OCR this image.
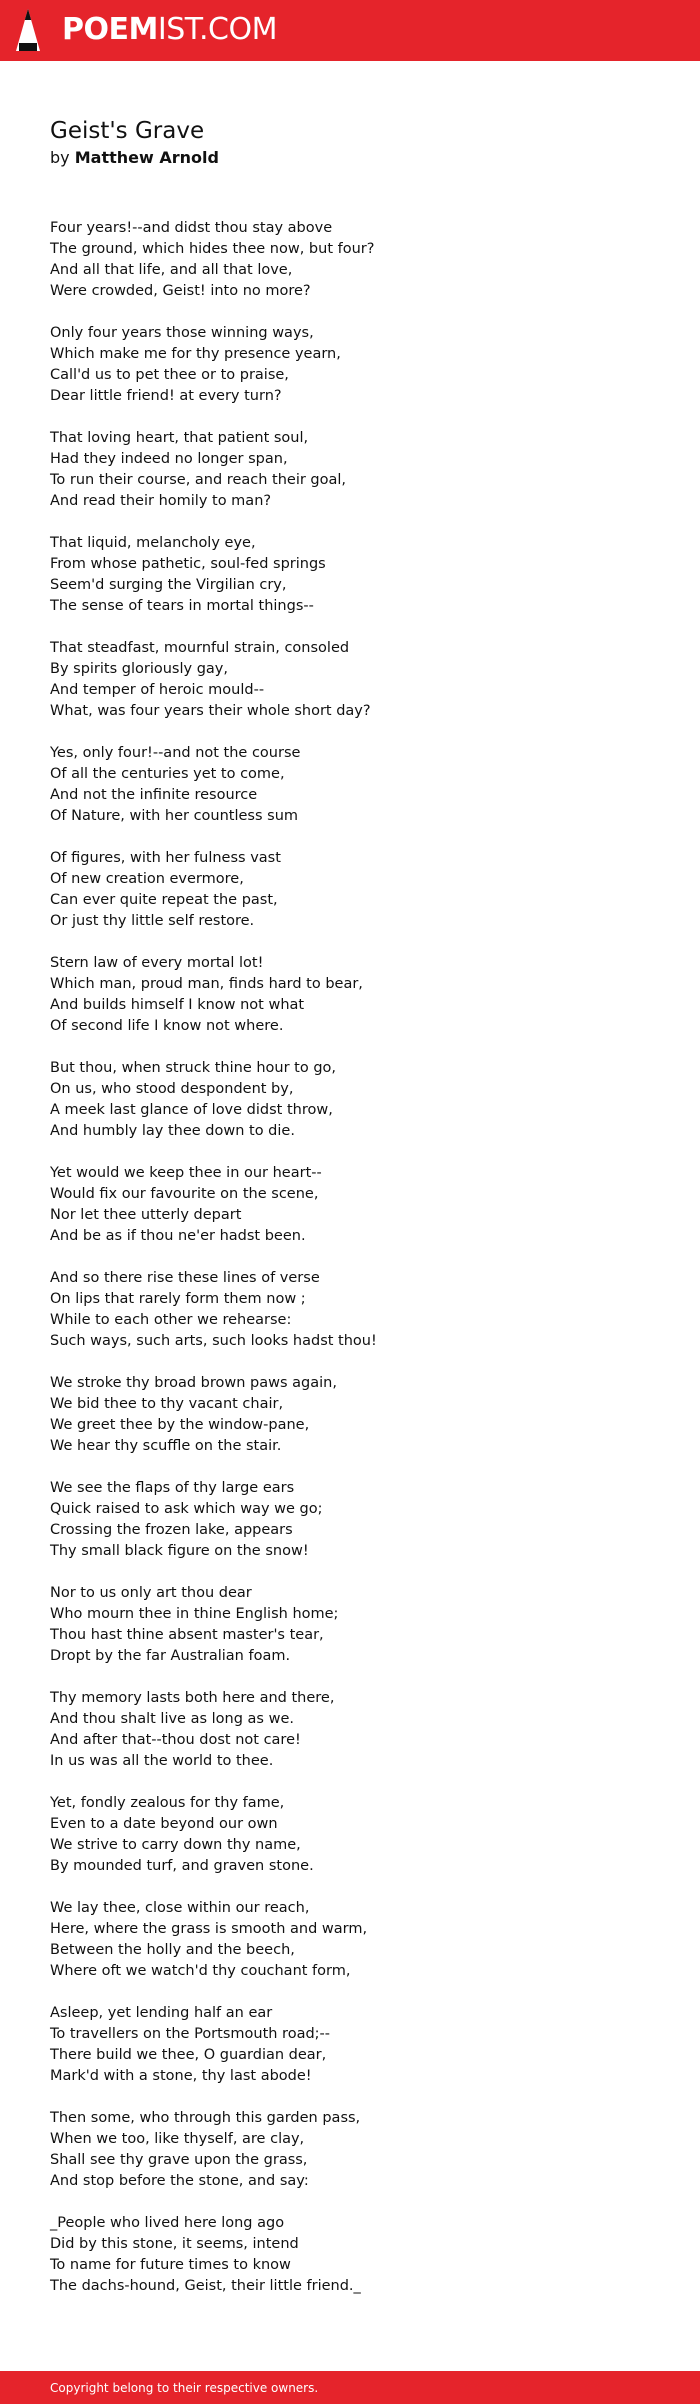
POEMIST.COM
Geist's Grave
by Matthew Arnold
Four years!--and didst thou stay above
The ground, which hides thee now, but four?
And all that life, and all that love,
Were crowded, Geist! into no more?
Only four years those winning ways,
Which make me for thy presence yearn,
Call'd us to pet thee or to praise,
Dear little friend! at every turn?
That loving heart, that patient soul,
Had they indeed no longer span,
To run their course, and reach their goal,
And read their homily to man?
That liquid, melancholy eye,
From whose pathetic, soul-fed springs
Seem'd surging the Virgilian cry,
The sense of tears in mortal things--
That steadfast, mournful strain, consoled
By spirits gloriously gay,
And temper of heroic mould--
What, was four years their whole short day?
Yes, only four!--and not the course
Of all the centuries yet to come,
And not the infinite resource
Of Nature, with her countless sum
Of figures, with her fulness vast
Of new creation evermore,
Can ever quite repeat the past,
Or just thy little self restore.
Stern law of every mortal lot!
Which man, proud man, finds hard to bear,
And builds himself I know not what
Of second life I know not where.
But thou, when struck thine hour to go,
On us, who stood despondent by,
A meek last glance of love didst throw,
And humbly lay thee down to die.
Yet would we keep thee in our heart--
Would fix our favourite on the scene,
Nor let thee utterly depart
And be as if thou ne'er hadst been.
And so there rise these lines of verse
On lips that rarely form them now ;
While to each other we rehearse:
Such ways, such arts, such looks hadst thou!
We stroke thy broad brown paws again,
We bid thee to thy vacant chair,
We greet thee by the window-pane,
We hear thy scuffle on the stair.
We see the flaps of thy large ears
Quick raised to ask which way we go;
Crossing the frozen lake, appears
Thy small black figure on the snow!
Nor to us only art thou dear
Who mourn thee in thine English home;
Thou hast thine absent master's tear,
Dropt by the far Australian foam.
Thy memory lasts both here and there,
And thou shalt live as long as we.
And after that--thou dost not care!
In us was all the world to thee.
Yet, fondly zealous for thy fame,
Even to a date beyond our own
We strive to carry down thy name,
By mounded turf, and graven stone.
We lay thee, close within our reach,
Here, where the grass is smooth and warm,
Between the holly and the beech,
Where oft we watch'd thy couchant form,
Asleep, yet lending half an ear
To travellers on the Portsmouth road;--
There build we thee, O guardian dear,
Mark'd with a stone, thy last abode!
Then some, who through this garden pass,
When we too, like thyself, are clay,
Shall see thy grave upon the grass,
And stop before the stone, and say:
_People who lived here long ago
Did by this stone, it seems, intend
To name for future times to know
The dachs-hound, Geist, their little friend._
Copyright belong to their respective owners.
